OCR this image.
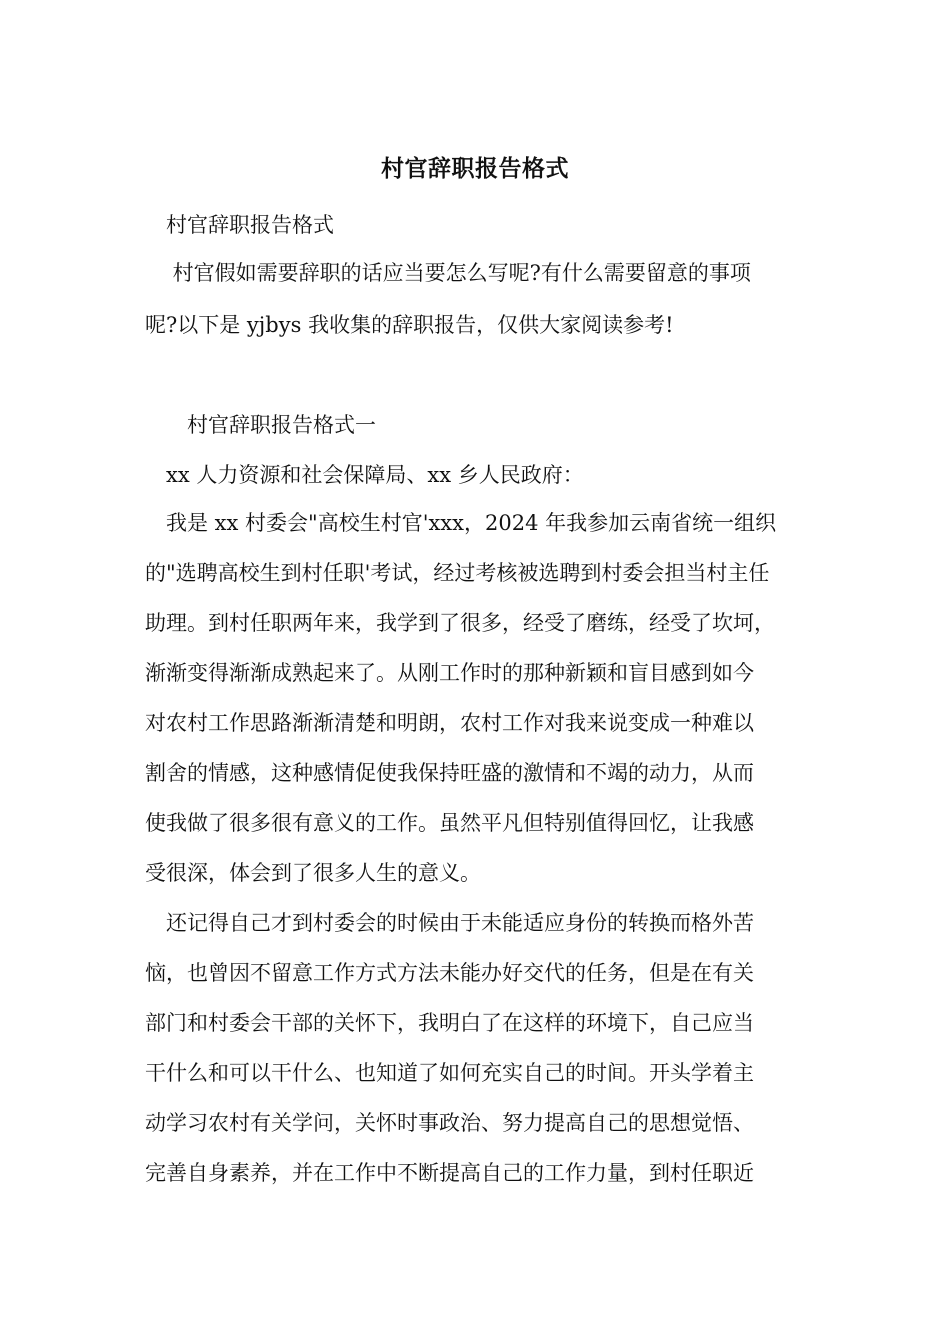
村官辞职报告格式
　村官辞职报告格式
　 村官假如需要辞职的话应当要怎么写呢?有什么需要留意的事项
呢?以下是 yjbys 我收集的辞职报告，仅供大家阅读参考!
　　村官辞职报告格式一
　xx 人力资源和社会保障局、xx 乡人民政府：
　我是 xx 村委会"高校生村官'xxx，2024 年我参加云南省统一组织
的"选聘高校生到村任职'考试，经过考核被选聘到村委会担当村主任
助理。到村任职两年来，我学到了很多，经受了磨练，经受了坎坷，
渐渐变得渐渐成熟起来了。从刚工作时的那种新颖和盲目感到如今
对农村工作思路渐渐清楚和明朗，农村工作对我来说变成一种难以
割舍的情感，这种感情促使我保持旺盛的激情和不竭的动力，从而
使我做了很多很有意义的工作。虽然平凡但特别值得回忆，让我感
受很深，体会到了很多人生的意义。
　还记得自己才到村委会的时候由于未能适应身份的转换而格外苦
恼，也曾因不留意工作方式方法未能办好交代的任务，但是在有关
部门和村委会干部的关怀下，我明白了在这样的环境下，自己应当
干什么和可以干什么、也知道了如何充实自己的时间。开头学着主
动学习农村有关学问，关怀时事政治、努力提高自己的思想觉悟、
完善自身素养，并在工作中不断提高自己的工作力量，到村任职近
